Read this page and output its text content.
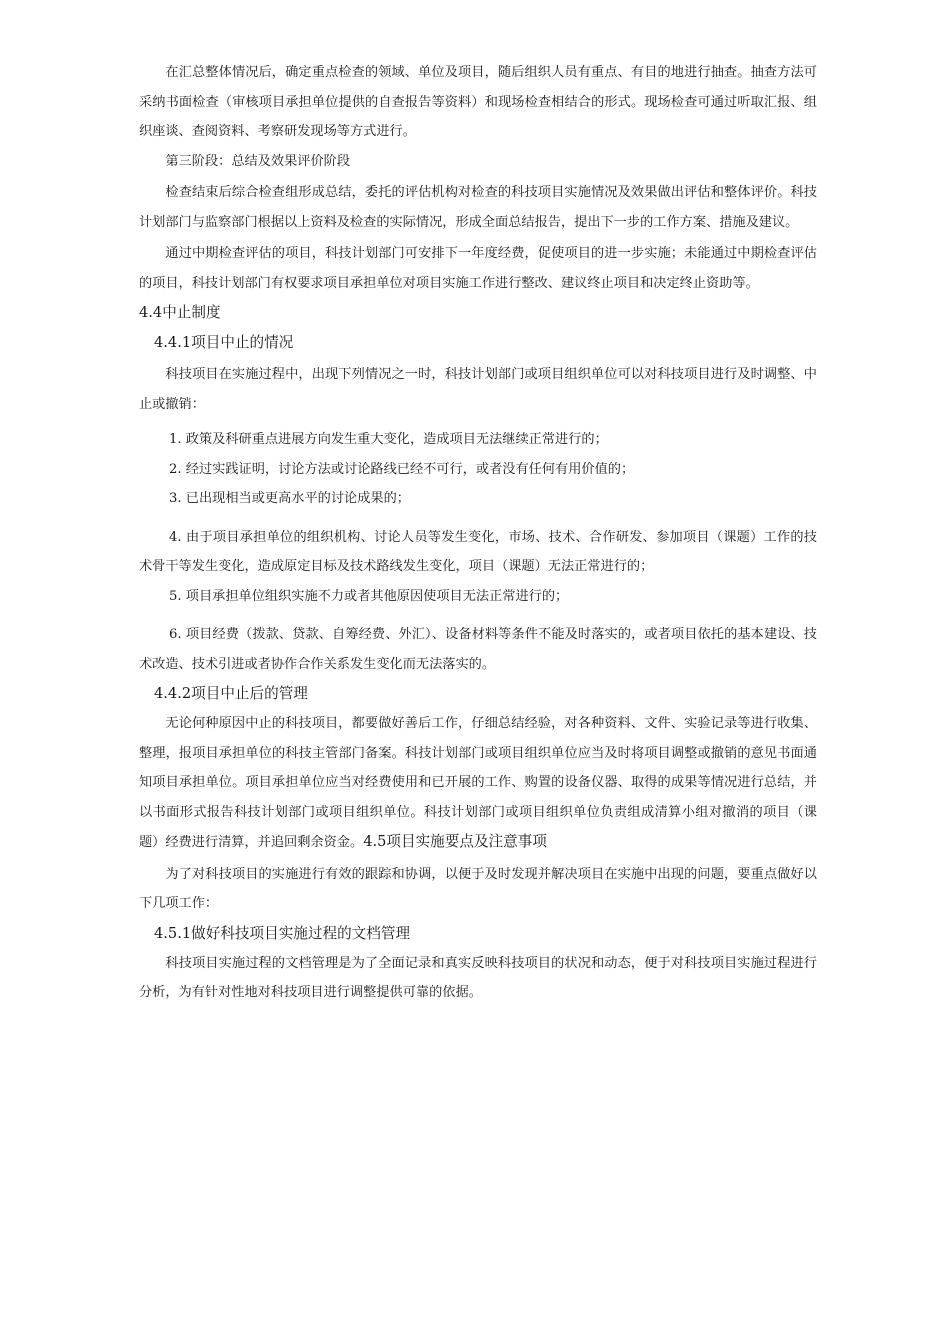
在汇总整体情况后，确定重点检查的领域、单位及项目，随后组织人员有重点、有目的地进行抽查。抽查方法可采纳书面检查（审核项目承担单位提供的自查报告等资料）和现场检查相结合的形式。现场检查可通过听取汇报、组织座谈、查阅资料、考察研发现场等方式进行。

第三阶段：总结及效果评价阶段

检查结束后综合检查组形成总结，委托的评估机构对检查的科技项目实施情况及效果做出评估和整体评价。科技计划部门与监察部门根据以上资料及检查的实际情况，形成全面总结报告，提出下一步的工作方案、措施及建议。

通过中期检查评估的项目，科技计划部门可安排下一年度经费，促使项目的进一步实施；未能通过中期检查评估的项目，科技计划部门有权要求项目承担单位对项目实施工作进行整改、建议终止项目和决定终止资助等。

4.4中止制度
4.4.1项目中止的情况

科技项目在实施过程中，出现下列情况之一时，科技计划部门或项目组织单位可以对科技项目进行及时调整、中止或撤销：

1. 政策及科研重点进展方向发生重大变化，造成项目无法继续正常进行的；

2. 经过实践证明，讨论方法或讨论路线已经不可行，或者没有任何有用价值的；

3. 已出现相当或更高水平的讨论成果的；

4. 由于项目承担单位的组织机构、讨论人员等发生变化，市场、技术、合作研发、参加项目（课题）工作的技术骨干等发生变化，造成原定目标及技术路线发生变化，项目（课题）无法正常进行的；

5. 项目承担单位组织实施不力或者其他原因使项目无法正常进行的；

6. 项目经费（拨款、贷款、自筹经费、外汇）、设备材料等条件不能及时落实的，或者项目依托的基本建设、技术改造、技术引进或者协作合作关系发生变化而无法落实的。

4.4.2项目中止后的管理

无论何种原因中止的科技项目，都要做好善后工作，仔细总结经验，对各种资料、文件、实验记录等进行收集、整理，报项目承担单位的科技主管部门备案。科技计划部门或项目组织单位应当及时将项目调整或撤销的意见书面通知项目承担单位。项目承担单位应当对经费使用和已开展的工作、购置的设备仪器、取得的成果等情况进行总结，并以书面形式报告科技计划部门或项目组织单位。科技计划部门或项目组织单位负责组成清算小组对撤消的项目（课题）经费进行清算，并追回剩余资金。4.5项目实施要点及注意事项

为了对科技项目的实施进行有效的跟踪和协调，以便于及时发现并解决项目在实施中出现的问题，要重点做好以下几项工作：

4.5.1做好科技项目实施过程的文档管理

科技项目实施过程的文档管理是为了全面记录和真实反映科技项目的状况和动态，便于对科技项目实施过程进行分析，为有针对性地对科技项目进行调整提供可靠的依据。
